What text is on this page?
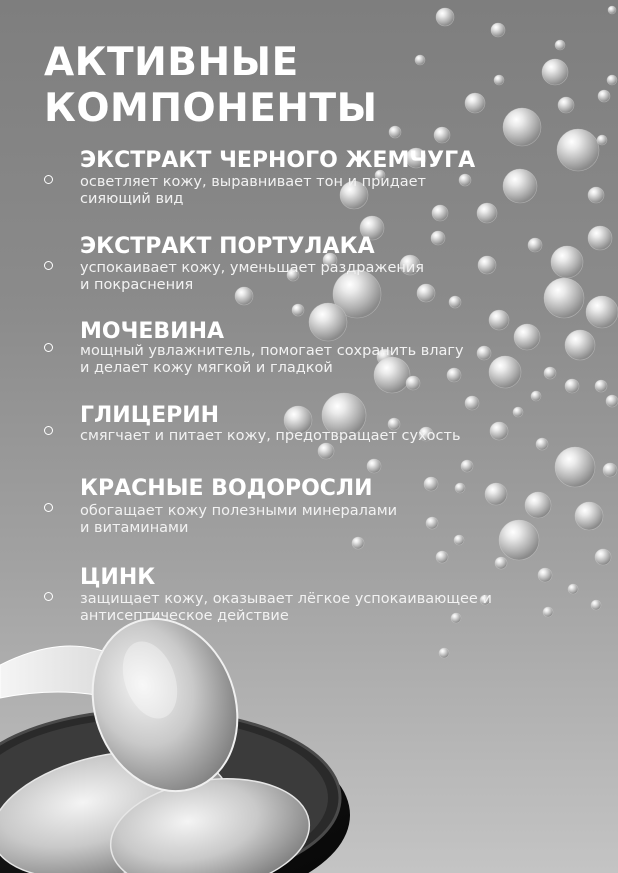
АКТИВНЫЕ
КОМПОНЕНТЫ
ЭКСТРАКТ ЧЕРНОГО ЖЕМЧУГА

осветляет кожу, выравнивает тон и придает
сияющий вид

ЭКСТРАКТ ПОРТУЛАКА

успокаивает кожу, уменьшает раздражения
и покраснения

МОЧЕВИНА

мощный увлажнитель, помогает сохранить влагу
и делает кожу мягкой и гладкой

ГЛИЦЕРИН

смягчает и питает кожу, предотвращает сухость

КРАСНЫЕ ВОДОРОСЛИ

обогащает кожу полезными минералами
и витаминами

ЦИНК

защищает кожу, оказывает лёгкое успокаивающее и
антисептическое действие
